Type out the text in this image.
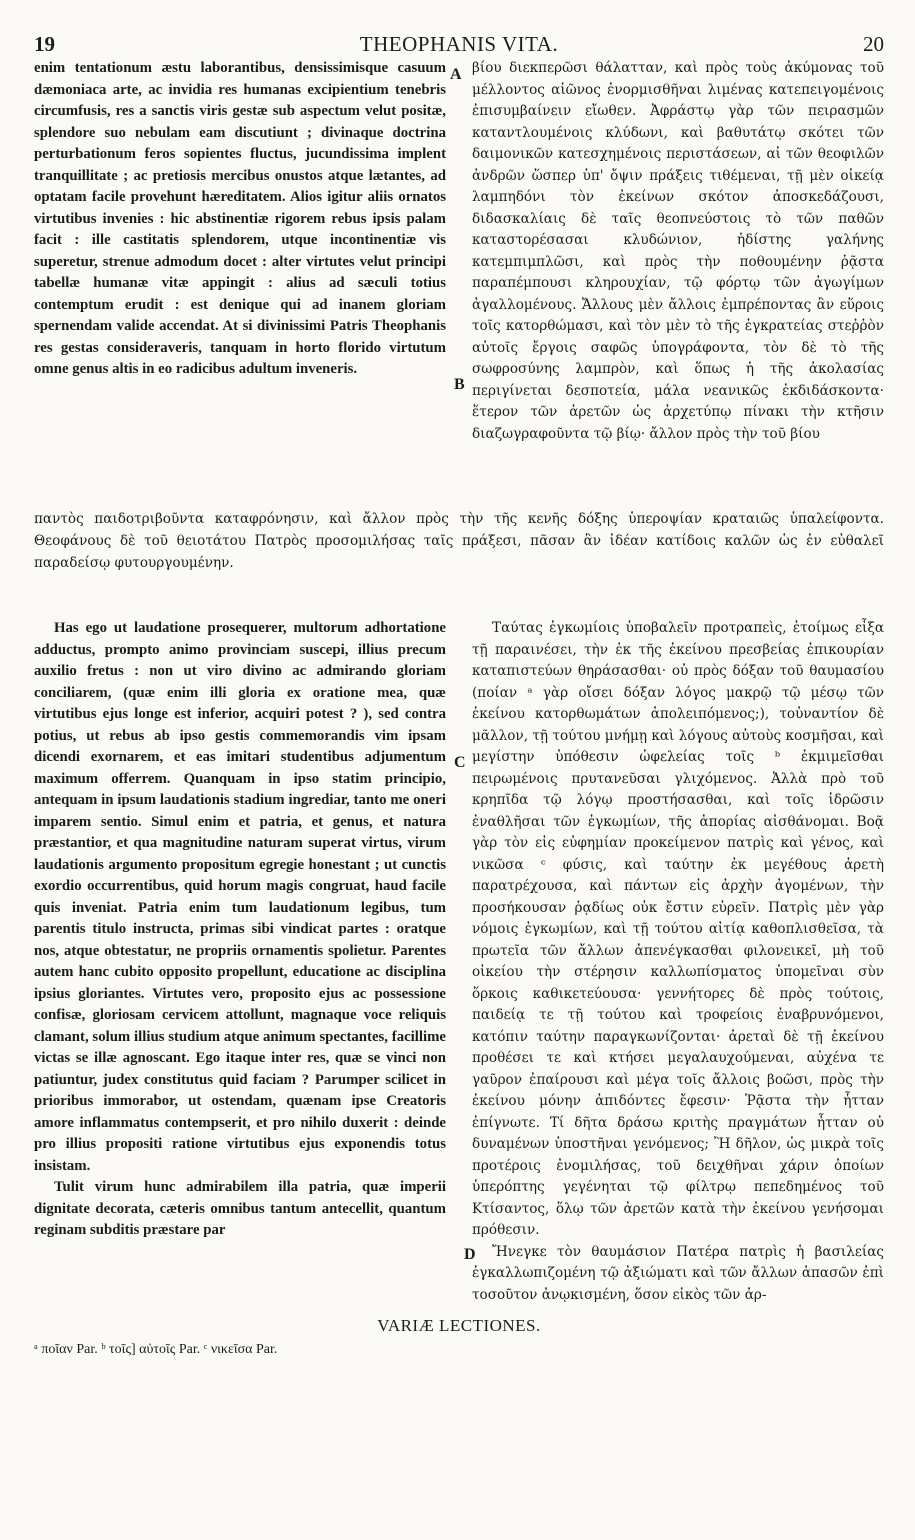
19	THEOPHANIS VITA.	20
A
B
C
D

enim tentationum æstu laborantibus, densissimisque casuum dæmoniaca arte, ac invidia res humanas excipientium tenebris circumfusis, res a sanctis viris gestæ sub aspectum velut positæ, splendore suo nebulam eam discutiunt ; divinaque doctrina perturbationum feros sopientes fluctus, jucundissima implent tranquillitate ; ac pretiosis mercibus onustos atque lætantes, ad optatam facile provehunt hæreditatem. Alios igitur aliis ornatos virtutibus invenies : hic abstinentiæ rigorem rebus ipsis palam facit : ille castitatis splendorem, utque incontinentiæ vis superetur, strenue admodum docet : alter virtutes velut principi tabellæ humanæ vitæ appingit : alius ad sæculi totius contemptum erudit : est denique qui ad inanem gloriam spernendam valide accendat. At si divinissimi Patris Theophanis res gestas consideraveris, tanquam in horto florido virtutum omne genus altis in eo radicibus adultum inveneris.

βίου διεκπερῶσι θάλατταν, καὶ πρὸς τοὺς ἀκύμονας τοῦ μέλλοντος αἰῶνος ἐνορμισθῆναι λιμένας κατεπειγομένοις ἐπισυμβαίνειν εἴωθεν. Ἀφράστῳ γὰρ τῶν πειρασμῶν καταντλουμένοις κλύδωνι, καὶ βαθυτάτῳ σκότει τῶν δαιμονικῶν κατεσχημένοις περιστάσεων, αἱ τῶν θεοφιλῶν ἀνδρῶν ὥσπερ ὑπ' ὄψιν πράξεις τιθέμεναι, τῇ μὲν οἰκείᾳ λαμπηδόνι τὸν ἐκείνων σκότον ἀποσκεδάζουσι, διδασκαλίαις δὲ ταῖς θεοπνεύστοις τὸ τῶν παθῶν καταστορέσασαι κλυδώνιον, ἡδίστης γαλήνης κατεμπιμπλῶσι, καὶ πρὸς τὴν ποθουμένην ῥᾷστα παραπέμπουσι κληρουχίαν, τῷ φόρτῳ τῶν ἀγωγίμων ἀγαλλομένους. Ἄλλους μὲν ἄλλοις ἐμπρέποντας ἂν εὕροις τοῖς κατορθώμασι, καὶ τὸν μὲν τὸ τῆς ἐγκρατείας στεῤῥὸν αὐτοῖς ἔργοις σαφῶς ὑπογράφοντα, τὸν δὲ τὸ τῆς σωφροσύνης λαμπρὸν, καὶ ὅπως ἡ τῆς ἀκολασίας περιγίνεται δεσποτεία, μάλα νεανικῶς ἐκδιδάσκοντα· ἕτερον τῶν ἀρετῶν ὡς ἀρχετύπῳ πίνακι τὴν κτῆσιν διαζωγραφοῦντα τῷ βίῳ· ἄλλον πρὸς τὴν τοῦ βίου

παντὸς παιδοτριβοῦντα καταφρόνησιν, καὶ ἄλλον πρὸς τὴν τῆς κενῆς δόξης ὑπεροψίαν κραταιῶς ὑπαλείφοντα. Θεοφάνους δὲ τοῦ θειοτάτου Πατρὸς προσομιλήσας ταῖς πράξεσι, πᾶσαν ἂν ἰδέαν κατίδοις καλῶν ὡς ἐν εὐθαλεῖ παραδείσῳ φυτουργουμένην.

Has ego ut laudatione prosequerer, multorum adhortatione adductus, prompto animo provinciam suscepi, illius precum auxilio fretus : non ut viro divino ac admirando gloriam conciliarem, (quæ enim illi gloria ex oratione mea, quæ virtutibus ejus longe est inferior, acquiri potest ? ), sed contra potius, ut rebus ab ipso gestis commemorandis vim ipsam dicendi exornarem, et eas imitari studentibus adjumentum maximum offerrem. Quanquam in ipso statim principio, antequam in ipsum laudationis stadium ingrediar, tanto me oneri imparem sentio. Simul enim et patria, et genus, et natura præstantior, et qua magnitudine naturam superat virtus, virum laudationis argumento propositum egregie honestant ; ut cunctis exordio occurrentibus, quid horum magis congruat, haud facile quis inveniat. Patria enim tum laudationum legibus, tum parentis titulo instructa, primas sibi vindicat partes : oratque nos, atque obtestatur, ne propriis ornamentis spolietur. Parentes autem hanc cubito opposito propellunt, educatione ac disciplina ipsius gloriantes. Virtutes vero, proposito ejus ac possessione confisæ, gloriosam cervicem attollunt, magnaque voce reliquis clamant, solum illius studium atque animum spectantes, facillime victas se illæ agnoscant. Ego itaque inter res, quæ se vinci non patiuntur, judex constitutus quid faciam ? Parumper scilicet in prioribus immorabor, ut ostendam, quænam ipse Creatoris amore inflammatus contempserit, et pro nihilo duxerit : deinde pro illius propositi ratione virtutibus ejus exponendis totus insistam.

Tulit virum hunc admirabilem illa patria, quæ imperii dignitate decorata, cæteris omnibus tantum antecellit, quantum reginam subditis præstare par

Ταύτας ἐγκωμίοις ὑποβαλεῖν προτραπεὶς, ἑτοίμως εἶξα τῇ παραινέσει, τὴν ἐκ τῆς ἐκείνου πρεσβείας ἐπικουρίαν καταπιστεύων θηράσασθαι· οὐ πρὸς δόξαν τοῦ θαυμασίου (ποίαν ᵃ γὰρ οἴσει δόξαν λόγος μακρῷ τῷ μέσῳ τῶν ἐκείνου κατορθωμάτων ἀπολειπόμενος;), τοὐναντίον δὲ μᾶλλον, τῇ τούτου μνήμῃ καὶ λόγους αὐτοὺς κοσμῆσαι, καὶ μεγίστην ὑπόθεσιν ὠφελείας τοῖς ᵇ ἐκμιμεῖσθαι πειρωμένοις πρυτανεῦσαι γλιχόμενος. Ἀλλὰ πρὸ τοῦ κρηπῖδα τῷ λόγῳ προστήσασθαι, καὶ τοῖς ἱδρῶσιν ἐναθλῆσαι τῶν ἐγκωμίων, τῆς ἀπορίας αἰσθάνομαι. Βοᾷ γὰρ τὸν εἰς εὐφημίαν προκείμενον πατρὶς καὶ γένος, καὶ νικῶσα ᶜ φύσις, καὶ ταύτην ἐκ μεγέθους ἀρετὴ παρατρέχουσα, καὶ πάντων εἰς ἀρχὴν ἀγομένων, τὴν προσήκουσαν ῥᾳδίως οὐκ ἔστιν εὑρεῖν. Πατρὶς μὲν γὰρ νόμοις ἐγκωμίων, καὶ τῇ τούτου αἰτίᾳ καθοπλισθεῖσα, τὰ πρωτεῖα τῶν ἄλλων ἀπενέγκασθαι φιλονεικεῖ, μὴ τοῦ οἰκείου τὴν στέρησιν καλλωπίσματος ὑπομεῖναι σὺν ὅρκοις καθικετεύουσα· γεννήτορες δὲ πρὸς τούτοις, παιδείᾳ τε τῇ τούτου καὶ τροφείοις ἐναβρυνόμενοι, κατόπιν ταύτην παραγκωνίζονται· ἀρεταὶ δὲ τῇ ἐκείνου προθέσει τε καὶ κτήσει μεγαλαυχούμεναι, αὐχένα τε γαῦρον ἐπαίρουσι καὶ μέγα τοῖς ἄλλοις βοῶσι, πρὸς τὴν ἐκείνου μόνην ἀπιδόντες ἔφεσιν· Ῥᾷστα τὴν ἧτταν ἐπίγνωτε. Τί δῆτα δράσω κριτὴς πραγμάτων ἧτταν οὐ δυναμένων ὑποστῆναι γενόμενος; Ἢ δῆλον, ὡς μικρὰ τοῖς προτέροις ἐνομιλήσας, τοῦ δειχθῆναι χάριν ὁποίων ὑπερόπτης γεγένηται τῷ φίλτρῳ πεπεδημένος τοῦ Κτίσαντος, ὅλῳ τῶν ἀρετῶν κατὰ τὴν ἐκείνου γενήσομαι πρόθεσιν.

Ἤνεγκε τὸν θαυμάσιον Πατέρα πατρὶς ἡ βασιλείας ἐγκαλλωπιζομένη τῷ ἀξιώματι καὶ τῶν ἄλλων ἁπασῶν ἐπὶ τοσοῦτον ἀνῳκισμένη, ὅσον εἰκὸς τῶν ἀρ-

VARIÆ LECTIONES.
ᵃ ποῖαν Par. ᵇ τοῖς] αὐτοῖς Par. ᶜ νικεῖσα Par.
